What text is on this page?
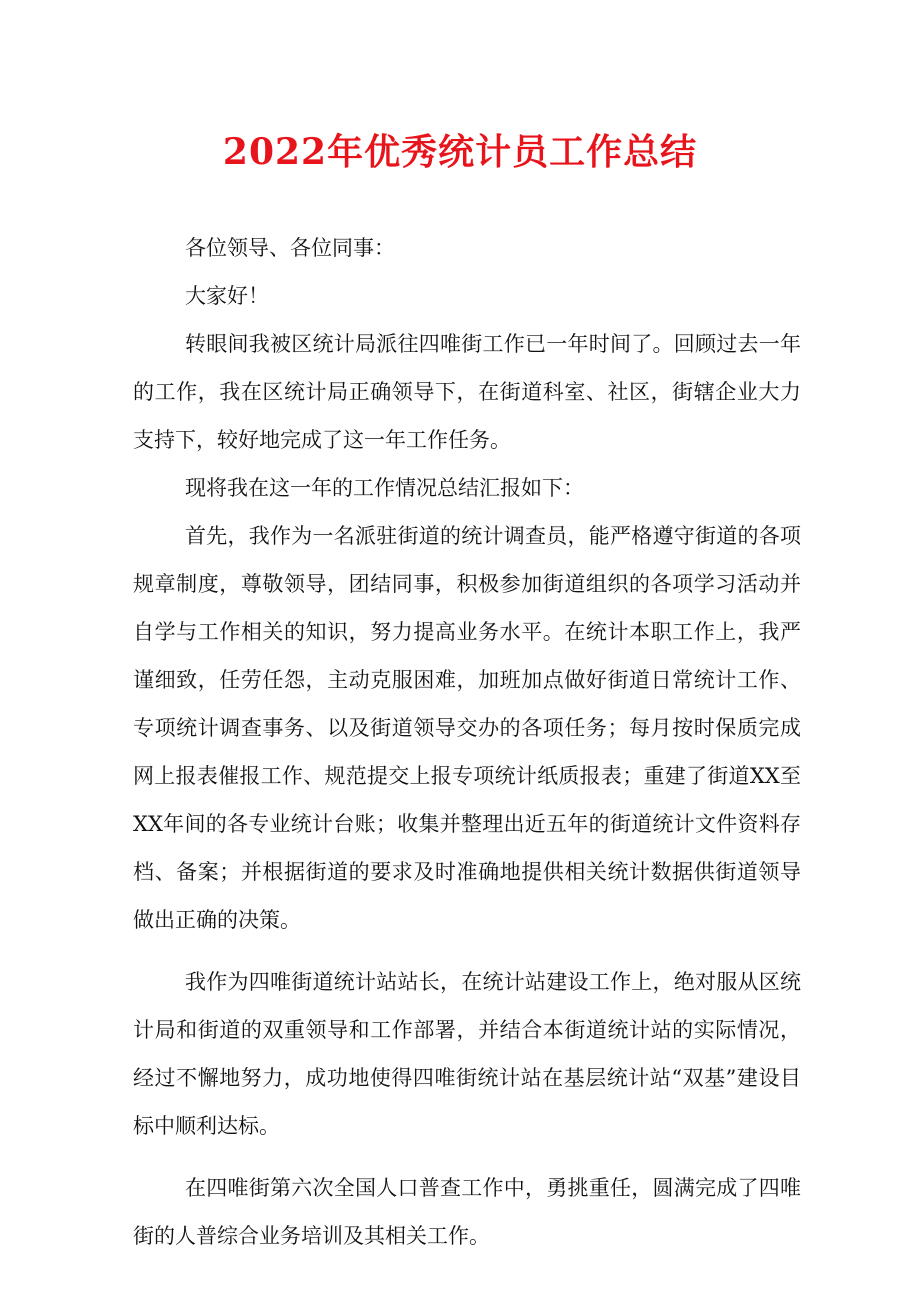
2022年优秀统计员工作总结

各位领导、各位同事：

大家好！

转眼间我被区统计局派往四唯街工作已一年时间了。回顾过去一年的工作，我在区统计局正确领导下，在街道科室、社区，街辖企业大力支持下，较好地完成了这一年工作任务。

现将我在这一年的工作情况总结汇报如下：

首先，我作为一名派驻街道的统计调查员，能严格遵守街道的各项规章制度，尊敬领导，团结同事，积极参加街道组织的各项学习活动并自学与工作相关的知识，努力提高业务水平。在统计本职工作上，我严谨细致，任劳任怨，主动克服困难，加班加点做好街道日常统计工作、专项统计调查事务、以及街道领导交办的各项任务；每月按时保质完成网上报表催报工作、规范提交上报专项统计纸质报表；重建了街道XX至XX年间的各专业统计台账；收集并整理出近五年的街道统计文件资料存档、备案；并根据街道的要求及时准确地提供相关统计数据供街道领导做出正确的决策。

我作为四唯街道统计站站长，在统计站建设工作上，绝对服从区统计局和街道的双重领导和工作部署，并结合本街道统计站的实际情况，经过不懈地努力，成功地使得四唯街统计站在基层统计站“双基”建设目标中顺利达标。

在四唯街第六次全国人口普查工作中，勇挑重任，圆满完成了四唯街的人普综合业务培训及其相关工作。
